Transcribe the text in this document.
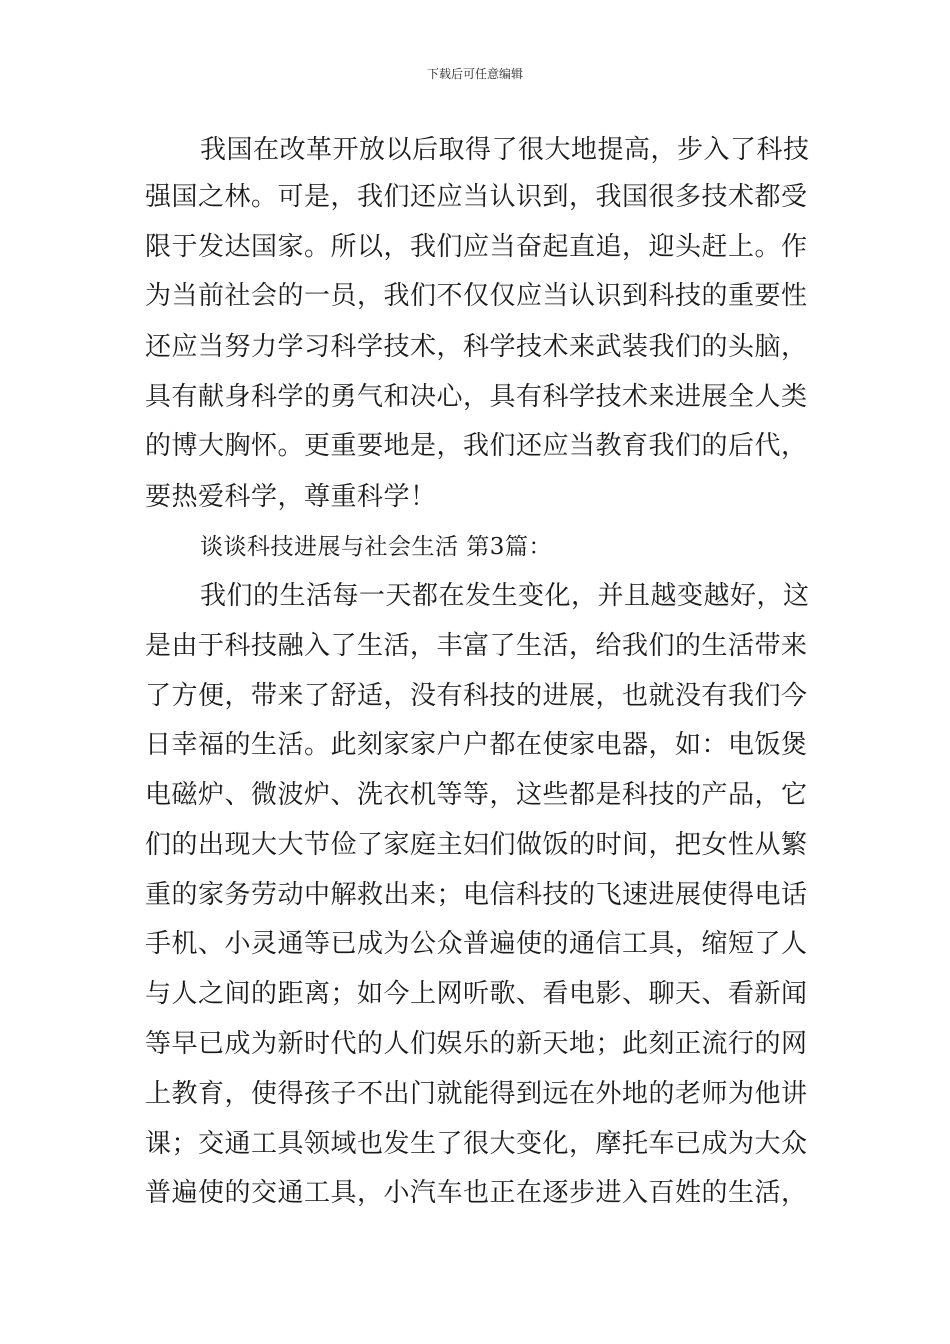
下载后可任意编辑
我国在改革开放以后取得了很大地提高，步入了科技
强国之林。可是，我们还应当认识到，我国很多技术都受
限于发达国家。所以，我们应当奋起直追，迎头赶上。作
为当前社会的一员，我们不仅仅应当认识到科技的重要性
还应当努力学习科学技术，科学技术来武装我们的头脑，
具有献身科学的勇气和决心，具有科学技术来进展全人类
的博大胸怀。更重要地是，我们还应当教育我们的后代，
要热爱科学，尊重科学！
谈谈科技进展与社会生活 第3篇：
我们的生活每一天都在发生变化，并且越变越好，这
是由于科技融入了生活，丰富了生活，给我们的生活带来
了方便，带来了舒适，没有科技的进展，也就没有我们今
日幸福的生活。此刻家家户户都在使家电器，如：电饭煲
电磁炉、微波炉、洗衣机等等，这些都是科技的产品，它
们的出现大大节俭了家庭主妇们做饭的时间，把女性从繁
重的家务劳动中解救出来；电信科技的飞速进展使得电话
手机、小灵通等已成为公众普遍使的通信工具，缩短了人
与人之间的距离；如今上网听歌、看电影、聊天、看新闻
等早已成为新时代的人们娱乐的新天地；此刻正流行的网
上教育，使得孩子不出门就能得到远在外地的老师为他讲
课；交通工具领域也发生了很大变化，摩托车已成为大众
普遍使的交通工具，小汽车也正在逐步进入百姓的生活，
